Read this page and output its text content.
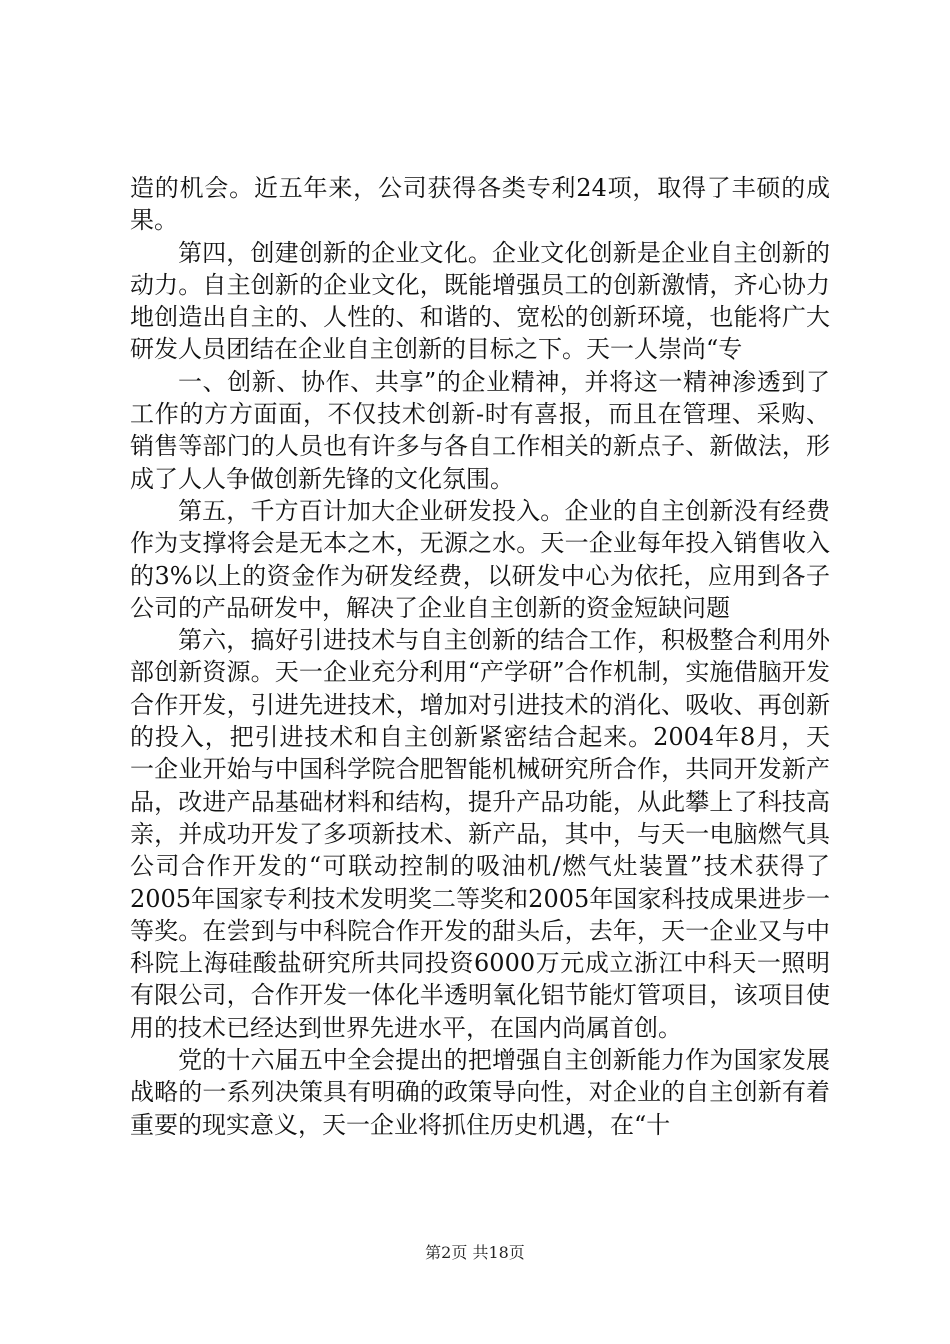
造的机会。近五年来，公司获得各类专利24项，取得了丰硕的成果。

第四，创建创新的企业文化。企业文化创新是企业自主创新的动力。自主创新的企业文化，既能增强员工的创新激情，齐心协力地创造出自主的、人性的、和谐的、宽松的创新环境，也能将广大研发人员团结在企业自主创新的目标之下。天一人崇尚“专

一、创新、协作、共享”的企业精神，并将这一精神渗透到了工作的方方面面，不仅技术创新-时有喜报，而且在管理、采购、销售等部门的人员也有许多与各自工作相关的新点子、新做法，形成了人人争做创新先锋的文化氛围。

第五，千方百计加大企业研发投入。企业的自主创新没有经费作为支撑将会是无本之木，无源之水。天一企业每年投入销售收入的3%以上的资金作为研发经费，以研发中心为依托，应用到各子公司的产品研发中，解决了企业自主创新的资金短缺问题

第六，搞好引进技术与自主创新的结合工作，积极整合利用外部创新资源。天一企业充分利用“产学研”合作机制，实施借脑开发合作开发，引进先进技术，增加对引进技术的消化、吸收、再创新的投入，把引进技术和自主创新紧密结合起来。2004年8月，天一企业开始与中国科学院合肥智能机械研究所合作，共同开发新产品，改进产品基础材料和结构，提升产品功能，从此攀上了科技高亲，并成功开发了多项新技术、新产品，其中，与天一电脑燃气具公司合作开发的“可联动控制的吸油机/燃气灶装置”技术获得了2005年国家专利技术发明奖二等奖和2005年国家科技成果进步一等奖。在尝到与中科院合作开发的甜头后，去年，天一企业又与中科院上海硅酸盐研究所共同投资6000万元成立浙江中科天一照明有限公司，合作开发一体化半透明氧化铝节能灯管项目，该项目使用的技术已经达到世界先进水平，在国内尚属首创。

党的十六届五中全会提出的把增强自主创新能力作为国家发展战略的一系列决策具有明确的政策导向性，对企业的自主创新有着重要的现实意义，天一企业将抓住历史机遇，在“十

第2页 共18页
